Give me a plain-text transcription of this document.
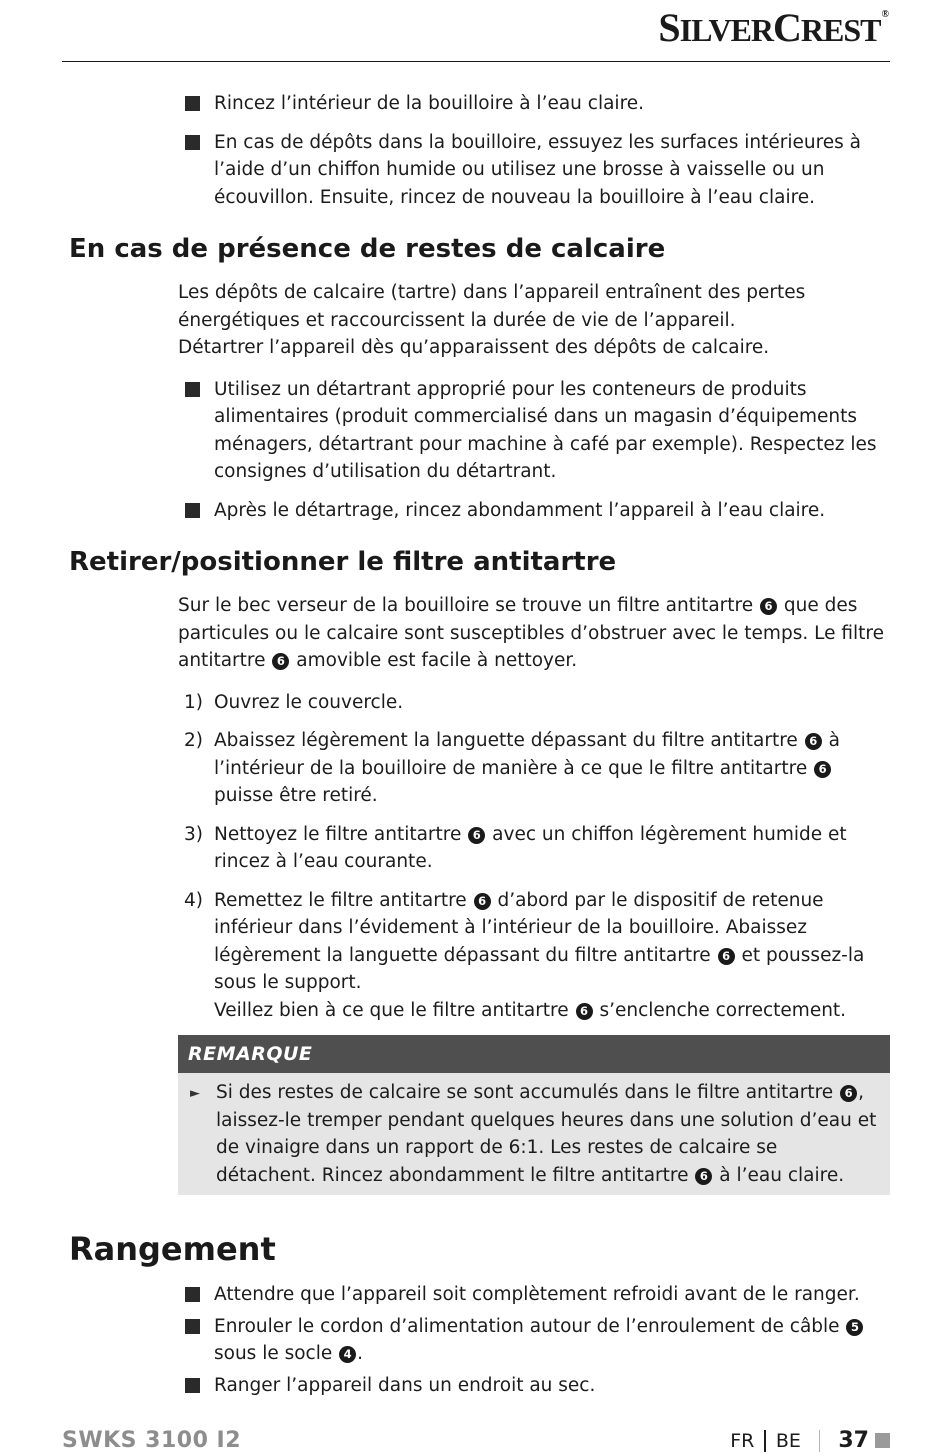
SILVERCREST®
Rincez l’intérieur de la bouilloire à l’eau claire.
En cas de dépôts dans la bouilloire, essuyez les surfaces intérieures à l’aide d’un chiffon humide ou utilisez une brosse à vaisselle ou un écouvillon. Ensuite, rincez de nouveau la bouilloire à l’eau claire.
En cas de présence de restes de calcaire

Les dépôts de calcaire (tartre) dans l’appareil entraînent des pertes énergétiques et raccourcissent la durée de vie de l’appareil.
Détartrer l’appareil dès qu’apparaissent des dépôts de calcaire.

Utilisez un détartrant approprié pour les conteneurs de produits alimentaires (produit commercialisé dans un magasin d’équipements ménagers, détartrant pour machine à café par exemple). Respectez les consignes d’utilisation du détartrant.
Après le détartrage, rincez abondamment l’appareil à l’eau claire.
Retirer/positionner le filtre antitartre

Sur le bec verseur de la bouilloire se trouve un filtre antitartre 6 que des particules ou le calcaire sont susceptibles d’obstruer avec le temps. Le filtre antitartre 6 amovible est facile à nettoyer.

1) Ouvrez le couvercle.
2) Abaissez légèrement la languette dépassant du filtre antitartre 6 à l’intérieur de la bouilloire de manière à ce que le filtre antitartre 6 puisse être retiré.
3) Nettoyez le filtre antitartre 6 avec un chiffon légèrement humide et rincez à l’eau courante.
4) Remettez le filtre antitartre 6 d’abord par le dispositif de retenue inférieur dans l’évidement à l’intérieur de la bouilloire. Abaissez légèrement la languette dépassant du filtre antitartre 6 et poussez-la sous le support.
Veillez bien à ce que le filtre antitartre 6 s’enclenche correctement.
REMARQUE
► Si des restes de calcaire se sont accumulés dans le filtre antitartre 6 , laissez-le tremper pendant quelques heures dans une solution d’eau et de vinaigre dans un rapport de 6:1. Les restes de calcaire se détachent. Rincez abondamment le filtre antitartre 6 à l’eau claire.
Rangement
Attendre que l’appareil soit complètement refroidi avant de le ranger.
Enrouler le cordon d’alimentation autour de l’enroulement de câble 5 sous le socle 4 .
Ranger l’appareil dans un endroit au sec.
SWKS 3100 I2	FR BE 37
